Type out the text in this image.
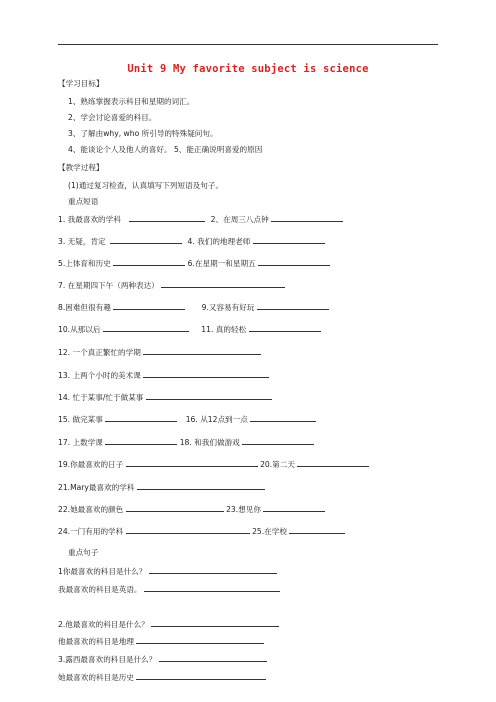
Unit 9 My favorite subject is science
【学习目标】
1、熟练掌握表示科目和星期的词汇。
2、学会讨论喜爱的科目。
3、了解由why, who 所引导的特殊疑问句。
4、能谈论个人及他人的喜好。 5、能正确说明喜爱的原因
【教学过程】
(1)通过复习检查，认真填写下列短语及句子。
重点短语
1. 我最喜欢的学科	2、在周三八点钟
3. 无疑，肯定	4. 我们的地理老师
5.上体育和历史	6.在星期一和星期五
7. 在星期四下午（两种表达）
8.困难但很有趣	9.又容易有好玩
10.从那以后	11. 真的轻松
12. 一个真正繁忙的学期
13. 上两个小时的美术课
14. 忙于某事/忙于做某事
15. 做完某事	16. 从12点到一点
17. 上数学课	18. 和我们做游戏
19.你最喜欢的日子	20.第二天
21.Mary最喜欢的学科
22.她最喜欢的颜色	23.想见你
24.一门有用的学科	25.在学校
重点句子
1你最喜欢的科目是什么？
我最喜欢的科目是英语。
2.他最喜欢的科目是什么？
他最喜欢的科目是地理
3.露西最喜欢的科目是什么？
她最喜欢的科目是历史
